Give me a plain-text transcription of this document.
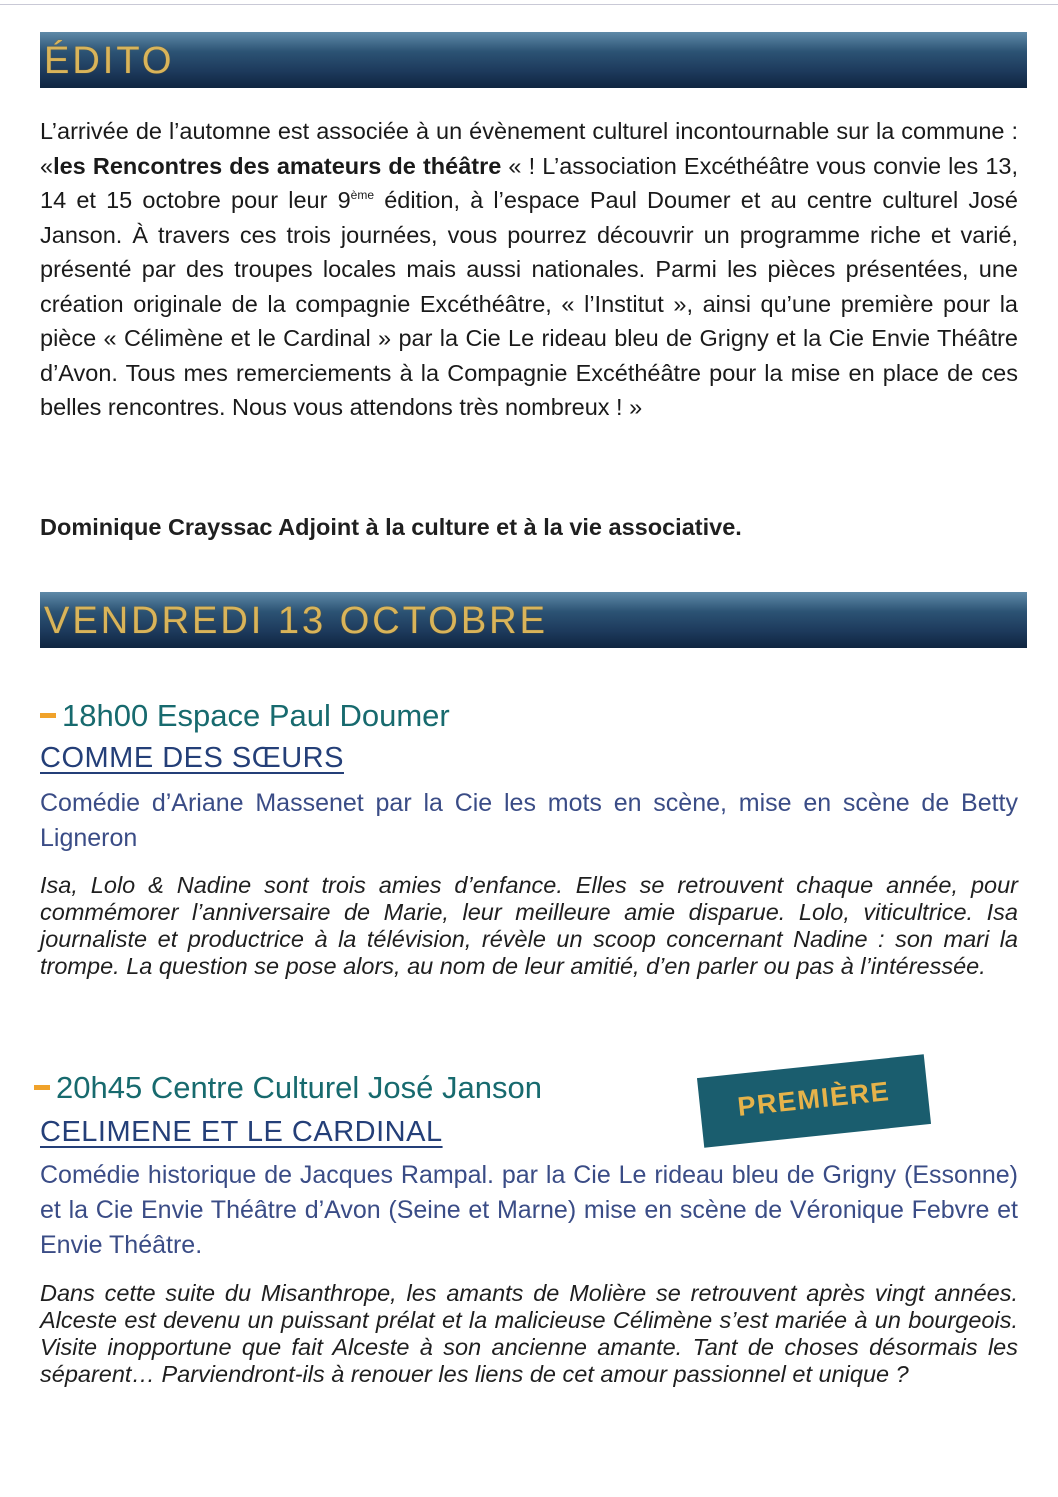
ÉDITO
L’arrivée de l’automne est associée à un évènement culturel incontournable sur la commune : «les Rencontres des amateurs de théâtre « ! L’association Excéthéâtre vous convie les 13, 14 et 15 octobre pour leur 9ème édition, à l’espace Paul Doumer et au centre culturel José Janson. À travers ces trois journées, vous pourrez découvrir un programme riche et varié, présenté par des troupes locales mais aussi nationales. Parmi les pièces présentées, une création originale de la compagnie Excéthéâtre, « l’Institut », ainsi qu’une première pour la pièce « Célimène et le Cardinal » par la Cie Le rideau bleu de Grigny et la Cie Envie Théâtre d’Avon. Tous mes remerciements à la Compagnie Excéthéâtre pour la mise en place de ces belles rencontres. Nous vous attendons très nombreux ! »
Dominique Crayssac Adjoint à la culture et à la vie associative.
VENDREDI 13 OCTOBRE
18h00 Espace Paul Doumer
COMME DES SŒURS
Comédie d’Ariane Massenet par la Cie les mots en scène, mise en scène de Betty Ligneron
Isa, Lolo & Nadine sont trois amies d’enfance. Elles se retrouvent chaque année, pour commémorer l’anniversaire de Marie, leur meilleure amie disparue. Lolo, viticultrice. Isa journaliste et productrice à la télévision, révèle un scoop concernant Nadine : son mari la trompe. La question se pose alors, au nom de leur amitié, d’en parler ou pas à l’intéressée.
20h45 Centre Culturel José Janson	PREMIÈRE
CELIMENE ET LE CARDINAL
Comédie historique de Jacques Rampal. par la Cie Le rideau bleu de Grigny (Essonne) et la Cie Envie Théâtre d’Avon (Seine et Marne) mise en scène de Véronique Febvre et Envie Théâtre.
Dans cette suite du Misanthrope, les amants de Molière se retrouvent après vingt années. Alceste est devenu un puissant prélat et la malicieuse Célimène s’est mariée à un bourgeois. Visite inopportune que fait Alceste à son ancienne amante. Tant de choses désormais les séparent… Parviendront-ils à renouer les liens de cet amour passionnel et unique ?
